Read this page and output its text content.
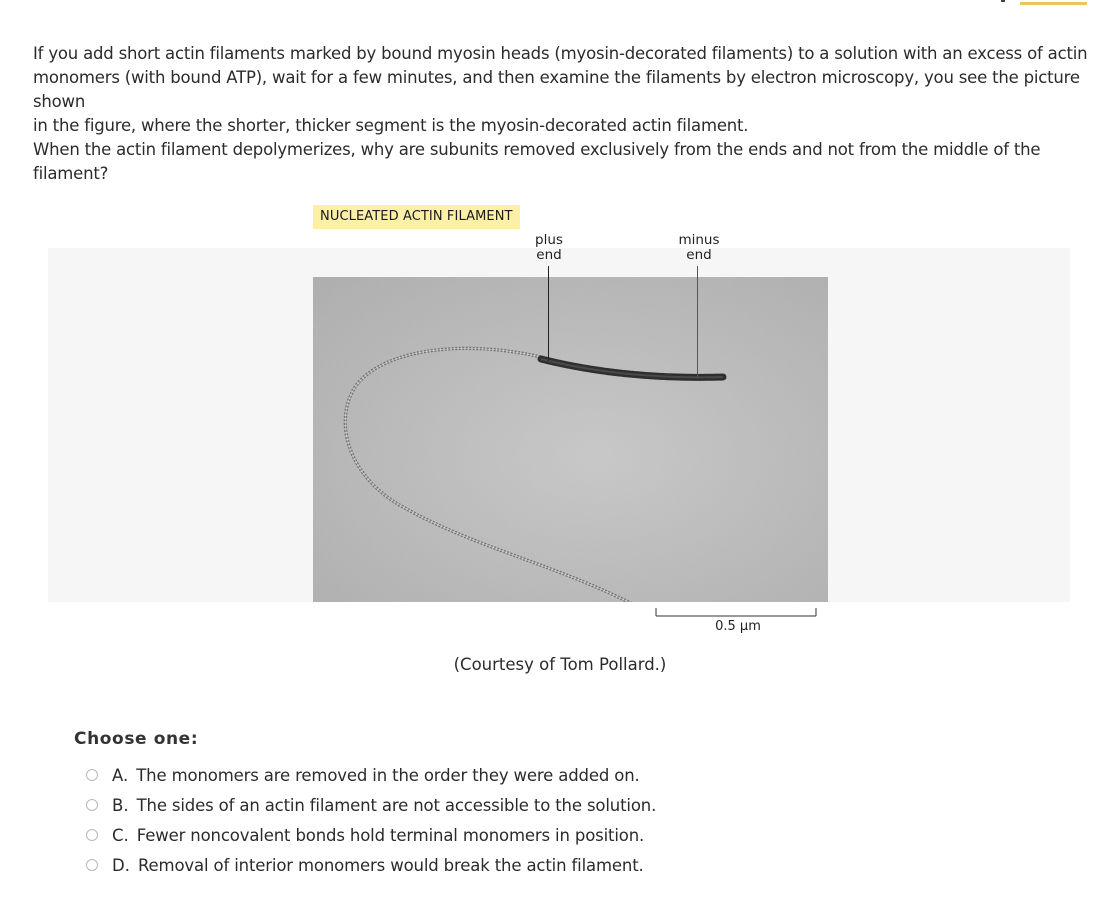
If you add short actin filaments marked by bound myosin heads (myosin-decorated filaments) to a solution with an excess of actin
monomers (with bound ATP), wait for a few minutes, and then examine the filaments by electron microscopy, you see the picture shown
in the figure, where the shorter, thicker segment is the myosin-decorated actin filament.
When the actin filament depolymerizes, why are subunits removed exclusively from the ends and not from the middle of the filament?
NUCLEATED ACTIN FILAMENT
plus
end
minus
end
0.5 µm
(Courtesy of Tom Pollard.)
Choose one:
A. The monomers are removed in the order they were added on.
B. The sides of an actin filament are not accessible to the solution.
C. Fewer noncovalent bonds hold terminal monomers in position.
D. Removal of interior monomers would break the actin filament.
